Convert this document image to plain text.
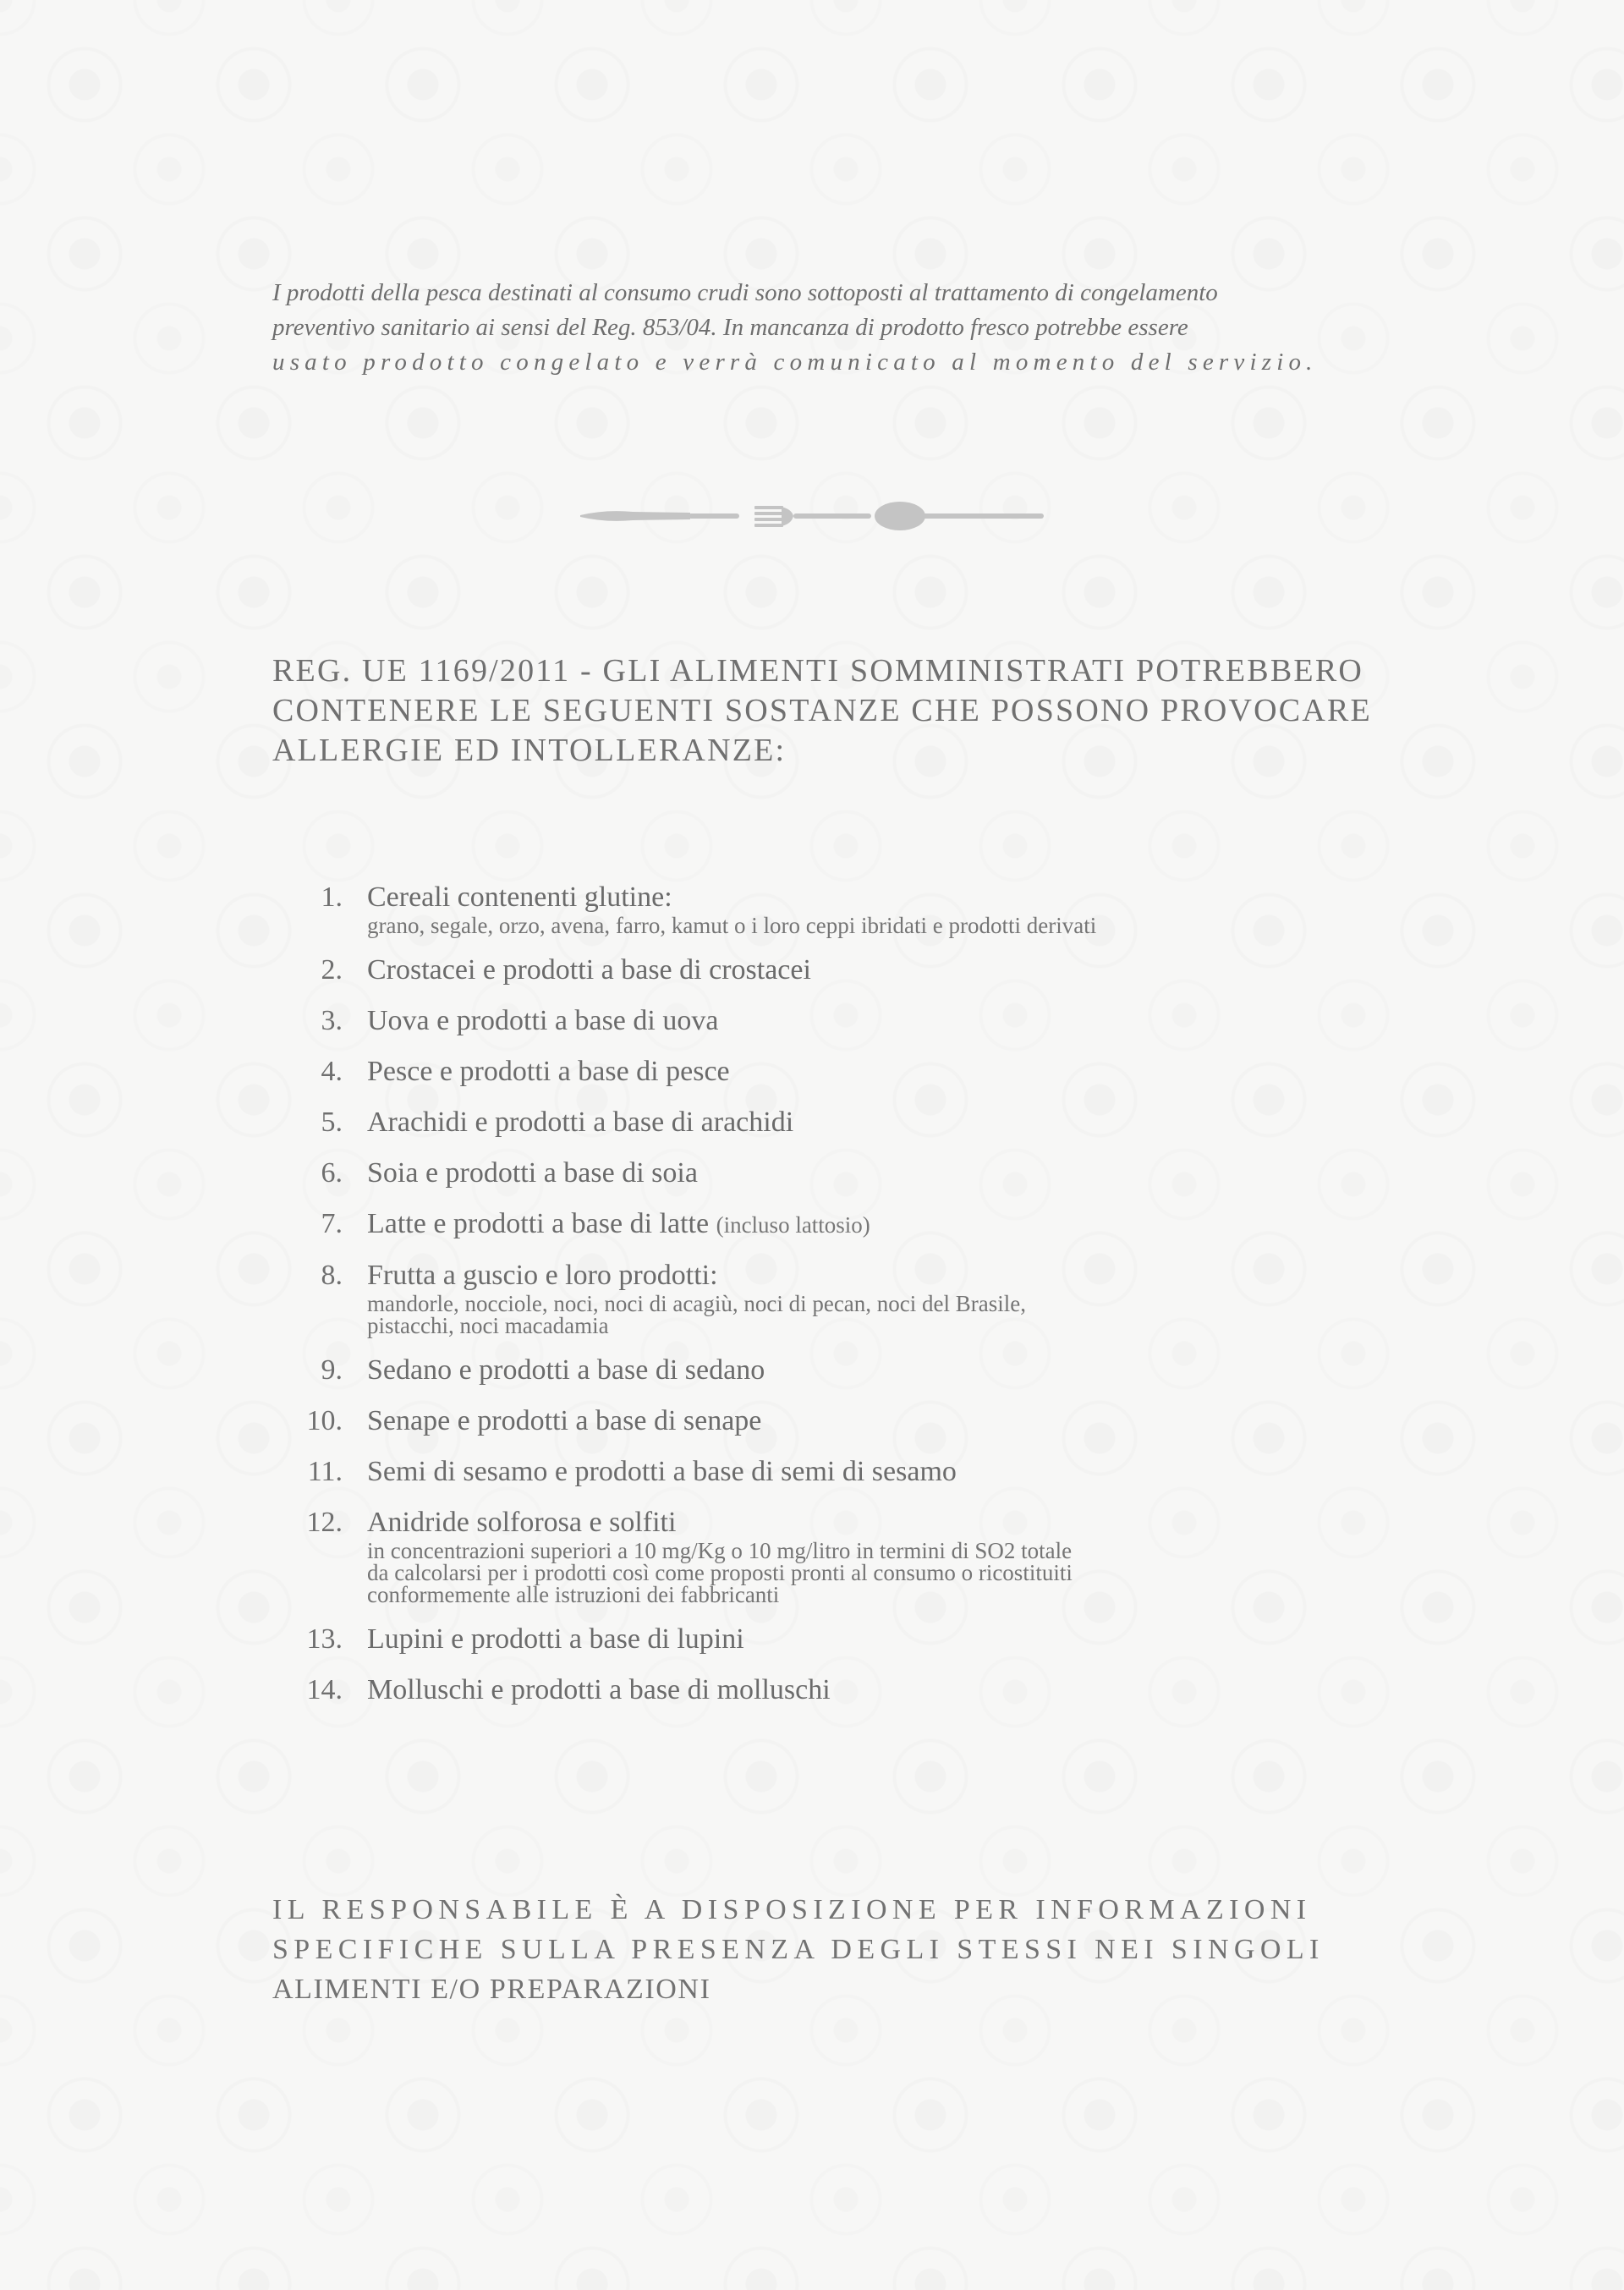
I prodotti della pesca destinati al consumo crudi sono sottoposti al trattamento di congelamento
preventivo sanitario ai sensi del Reg. 853/04. In mancanza di prodotto fresco potrebbe essere
usato prodotto congelato e verrà comunicato al momento del servizio.
REG. UE 1169/2011 - GLI ALIMENTI SOMMINISTRATI POTREBBERO
CONTENERE LE SEGUENTI SOSTANZE CHE POSSONO PROVOCARE
ALLERGIE ED INTOLLERANZE:
1. Cereali contenenti glutine:
grano, segale, orzo, avena, farro, kamut o i loro ceppi ibridati e prodotti derivati
2. Crostacei e prodotti a base di crostacei
3. Uova e prodotti a base di uova
4. Pesce e prodotti a base di pesce
5. Arachidi e prodotti a base di arachidi
6. Soia e prodotti a base di soia
7. Latte e prodotti a base di latte (incluso lattosio)
8. Frutta a guscio e loro prodotti:
mandorle, nocciole, noci, noci di acagiù, noci di pecan, noci del Brasile,
pistacchi, noci macadamia
9. Sedano e prodotti a base di sedano
10. Senape e prodotti a base di senape
11. Semi di sesamo e prodotti a base di semi di sesamo
12. Anidride solforosa e solfiti
in concentrazioni superiori a 10 mg/Kg o 10 mg/litro in termini di SO2 totale
da calcolarsi per i prodotti così come proposti pronti al consumo o ricostituiti
conformemente alle istruzioni dei fabbricanti
13. Lupini e prodotti a base di lupini
14. Molluschi e prodotti a base di molluschi
IL RESPONSABILE È A DISPOSIZIONE PER INFORMAZIONI
SPECIFICHE SULLA PRESENZA DEGLI STESSI NEI SINGOLI
ALIMENTI E/O PREPARAZIONI
